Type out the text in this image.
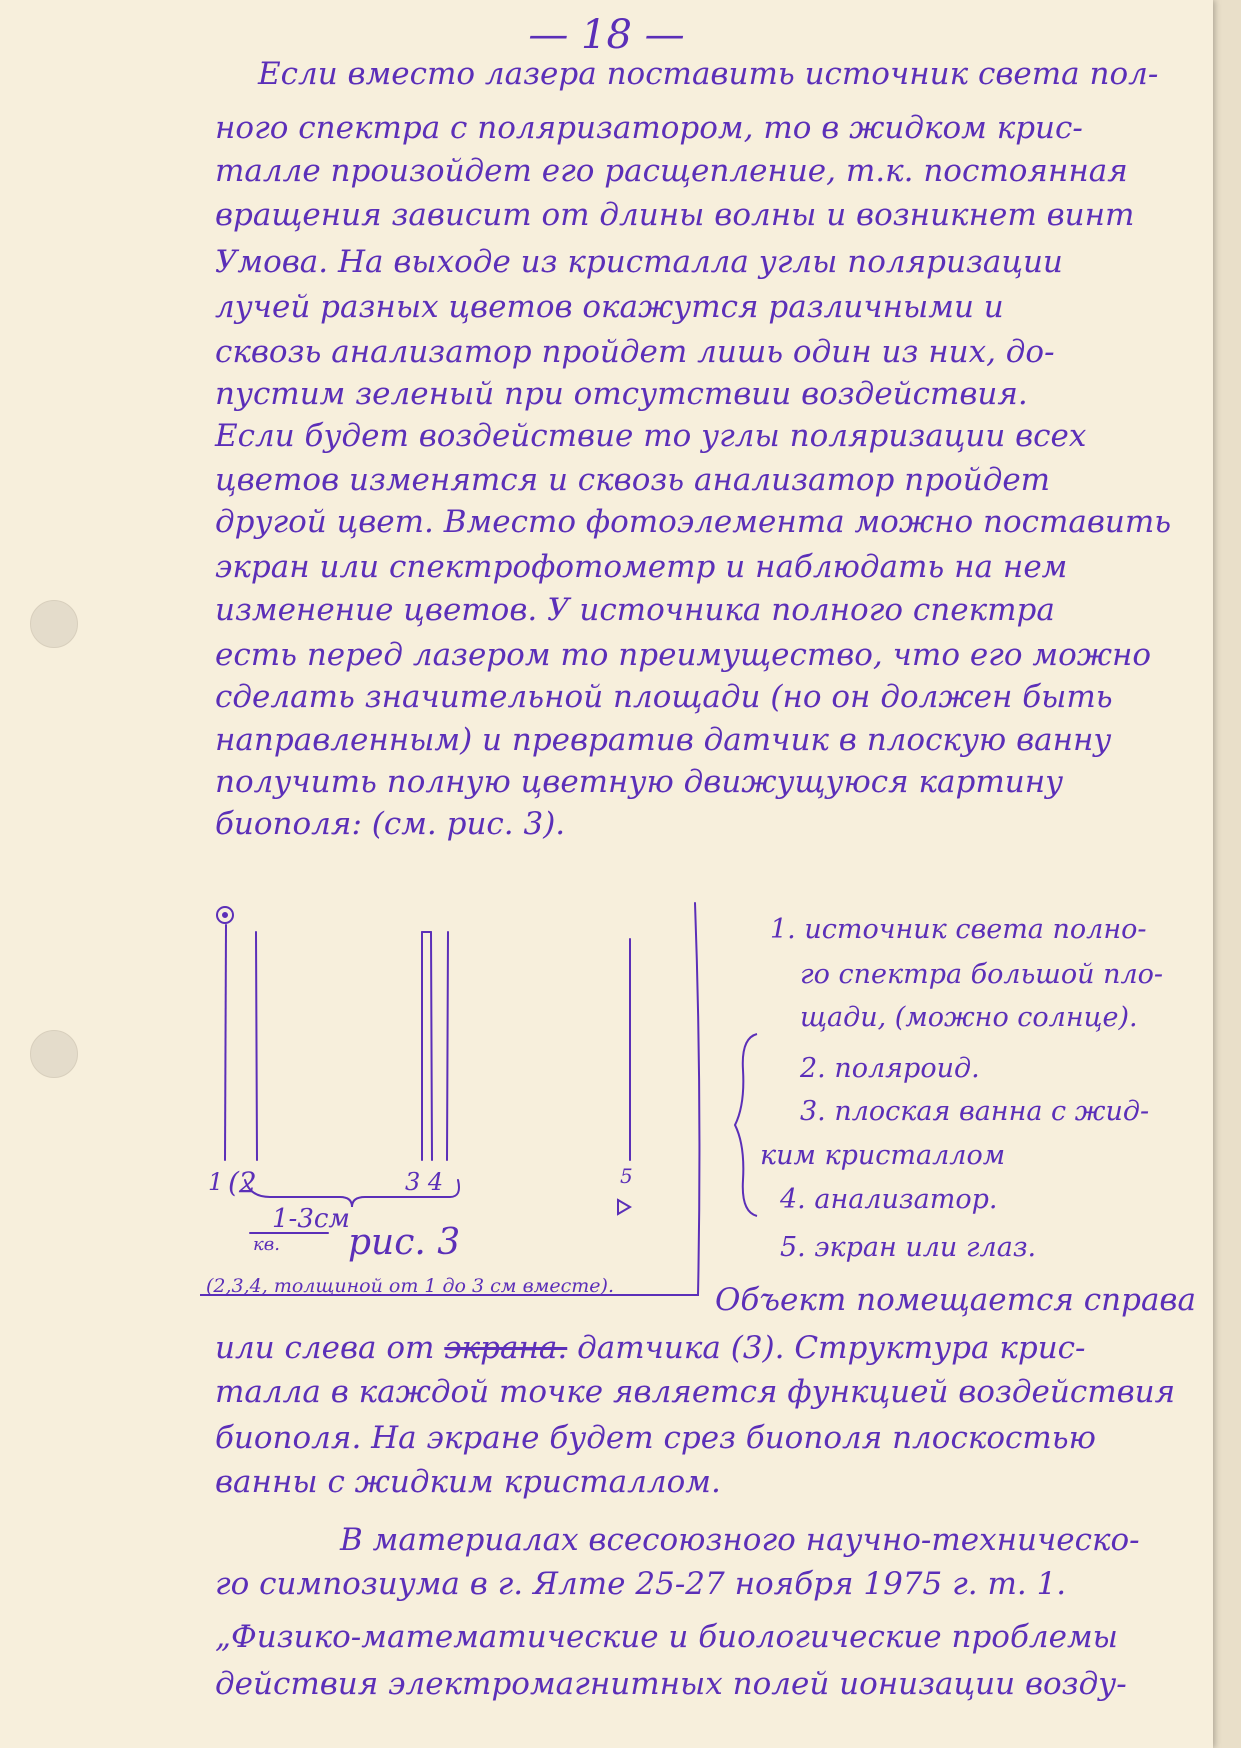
— 18 —
Если вместо лазера поставить источник света пол-
ного спектра с поляризатором, то в жидком крис-
талле произойдет его расщепление, т.к. постоянная
вращения зависит от длины волны и возникнет винт
Умова. На выходе из кристалла углы поляризации
лучей разных цветов окажутся различными и
сквозь анализатор пройдет лишь один из них, до-
пустим зеленый при отсутствии воздействия.
Если будет воздействие то углы поляризации всех
цветов изменятся и сквозь анализатор пройдет
другой цвет. Вместо фотоэлемента можно поставить
экран или спектрофотометр и наблюдать на нем
изменение цветов. У источника полного спектра
есть перед лазером то преимущество, что его можно
сделать значительной площади (но он должен быть
направленным) и превратив датчик в плоскую ванну
получить полную цветную движущуюся картину
биополя: (см. рис. 3).
1 (2	3 4	5
1-3см
кв. рис. 3
(2,3,4, толщиной от 1 до 3 см вместе).
1. источник света полно-
го спектра большой пло-
щади, (можно солнце).
2. поляроид.
3. плоская ванна с жид-
ким кристаллом
4. анализатор.
5. экран или глаз.
Объект помещается справа
или слева от экрана. датчика (3). Структура крис-
талла в каждой точке является функцией воздействия
биополя. На экране будет срез биополя плоскостью
ванны с жидким кристаллом.
В материалах всесоюзного научно-техническо-
го симпозиума в г. Ялте 25-27 ноября 1975 г. т. 1.
„Физико-математические и биологические проблемы
действия электромагнитных полей ионизации возду-
